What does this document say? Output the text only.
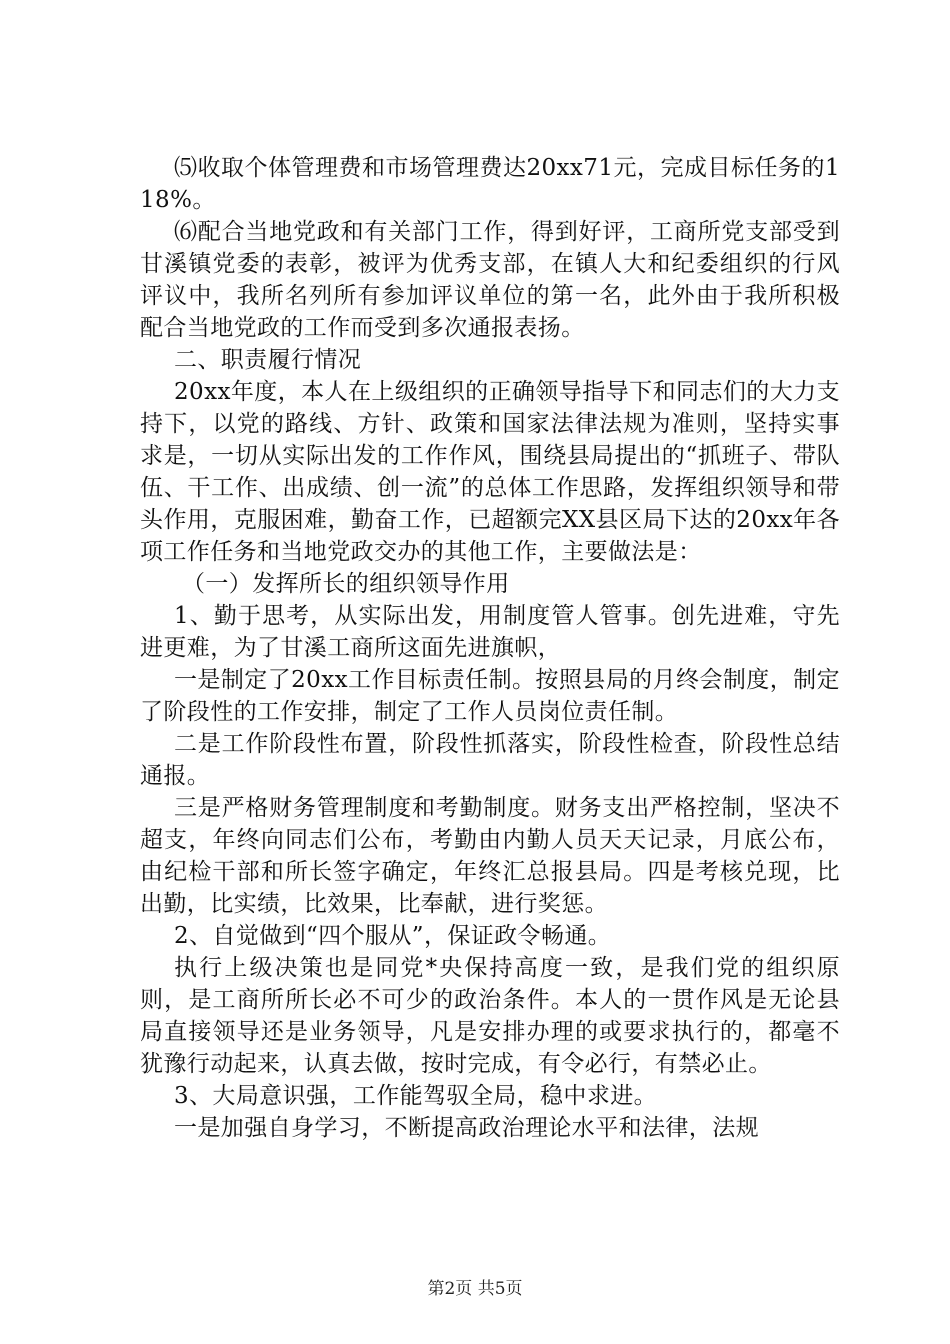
⑸收取个体管理费和市场管理费达20xx71元，完成目标任务的118%。

⑹配合当地党政和有关部门工作，得到好评，工商所党支部受到甘溪镇党委的表彰，被评为优秀支部，在镇人大和纪委组织的行风评议中，我所名列所有参加评议单位的第一名，此外由于我所积极配合当地党政的工作而受到多次通报表扬。

二、职责履行情况

20xx年度，本人在上级组织的正确领导指导下和同志们的大力支持下，以党的路线、方针、政策和国家法律法规为准则，坚持实事求是，一切从实际出发的工作作风，围绕县局提出的“抓班子、带队伍、干工作、出成绩、创一流”的总体工作思路，发挥组织领导和带头作用，克服困难，勤奋工作，已超额完XX县区局下达的20xx年各项工作任务和当地党政交办的其他工作，主要做法是：

（一）发挥所长的组织领导作用

1、勤于思考，从实际出发，用制度管人管事。创先进难，守先进更难，为了甘溪工商所这面先进旗帜，

一是制定了20xx工作目标责任制。按照县局的月终会制度，制定了阶段性的工作安排，制定了工作人员岗位责任制。

二是工作阶段性布置，阶段性抓落实，阶段性检查，阶段性总结通报。

三是严格财务管理制度和考勤制度。财务支出严格控制，坚决不超支，年终向同志们公布，考勤由内勤人员天天记录，月底公布，由纪检干部和所长签字确定，年终汇总报县局。四是考核兑现，比出勤，比实绩，比效果，比奉献，进行奖惩。

2、自觉做到“四个服从”，保证政令畅通。

执行上级决策也是同党*央保持高度一致，是我们党的组织原则，是工商所所长必不可少的政治条件。本人的一贯作风是无论县局直接领导还是业务领导，凡是安排办理的或要求执行的，都毫不犹豫行动起来，认真去做，按时完成，有令必行，有禁必止。

3、大局意识强，工作能驾驭全局，稳中求进。

一是加强自身学习，不断提高政治理论水平和法律，法规

第2页 共5页
